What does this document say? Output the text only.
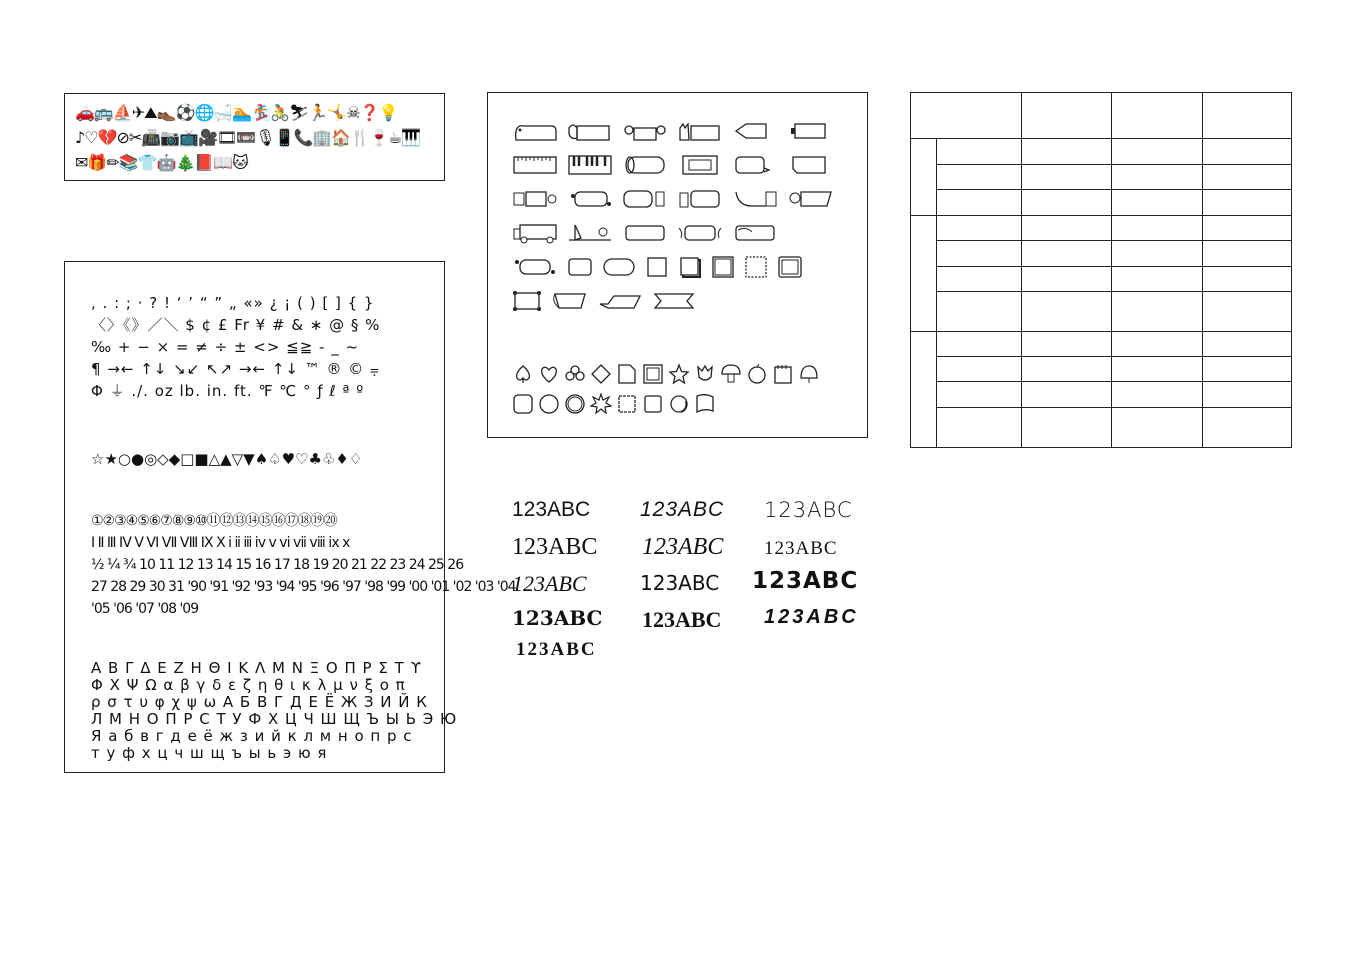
🚗🚌⛵✈⛰👞⚽🌐🛁🏊🏂🚴⛷🏃🤸☠❓💡
♪♡💔⊘✂📠📷📺🎥🎞📼🎙📱📞🏢🏠🍴🍷☕🎹
✉🎁✏📚👕🤖🎄📕📖🐱
, . : ; · ? ! ‘ ’ “ ” „ «» ¿ ¡ ( ) [ ] { }
〈〉《》／＼ $ ¢ £ Fr ¥ # & ∗ @ § %
‰ + − × = ≠ ÷ ± <> ≦≧ - _ ~
¶ →← ↑↓ ↘↙ ↖↗ →← ↑↓ ™ ® © ⩦
Φ ⏚ ./. oz lb. in. ft. ℉ ℃ ° ƒ ℓ ª º
☆★○●◎◇◆□■△▲▽▼♠♤♥♡♣♧♦♢
①②③④⑤⑥⑦⑧⑨⑩⑪⑫⑬⑭⑮⑯⑰⑱⑲⑳
Ⅰ Ⅱ Ⅲ Ⅳ Ⅴ Ⅵ Ⅶ Ⅷ Ⅸ Ⅹ ⅰ ⅱ ⅲ ⅳ ⅴ ⅵ ⅶ ⅷ ⅸ ⅹ
½ ¼ ¾ 10 11 12 13 14 15 16 17 18 19 20 21 22 23 24 25 26
27 28 29 30 31 '90 '91 '92 '93 '94 '95 '96 '97 '98 '99 '00 '01 '02 '03 '04
'05 '06 '07 '08 '09
Α Β Γ Δ Ε Ζ Η Θ Ι Κ Λ Μ Ν Ξ Ο Π Ρ Σ Τ ϒ
Φ Χ Ψ Ω α β γ δ ε ζ η θ ι κ λ μ ν ξ ο π
ρ σ τ υ φ χ ψ ω А Б В Г Д Е Ё Ж З И Й К
Л М Н О П Р С Т У Ф Х Ц Ч Ш Щ Ъ Ы Ь Э Ю
Я а б в г д е ё ж з и й к л м н о п р с
т у ф х ц ч ш щ ъ ы ь э ю я
123ABC 123ABC 123ABC
123ABC 123ABC 123ABC
123ABC	123ABC 123ABC
123ABC 123ABC 123ABC
123ABC
